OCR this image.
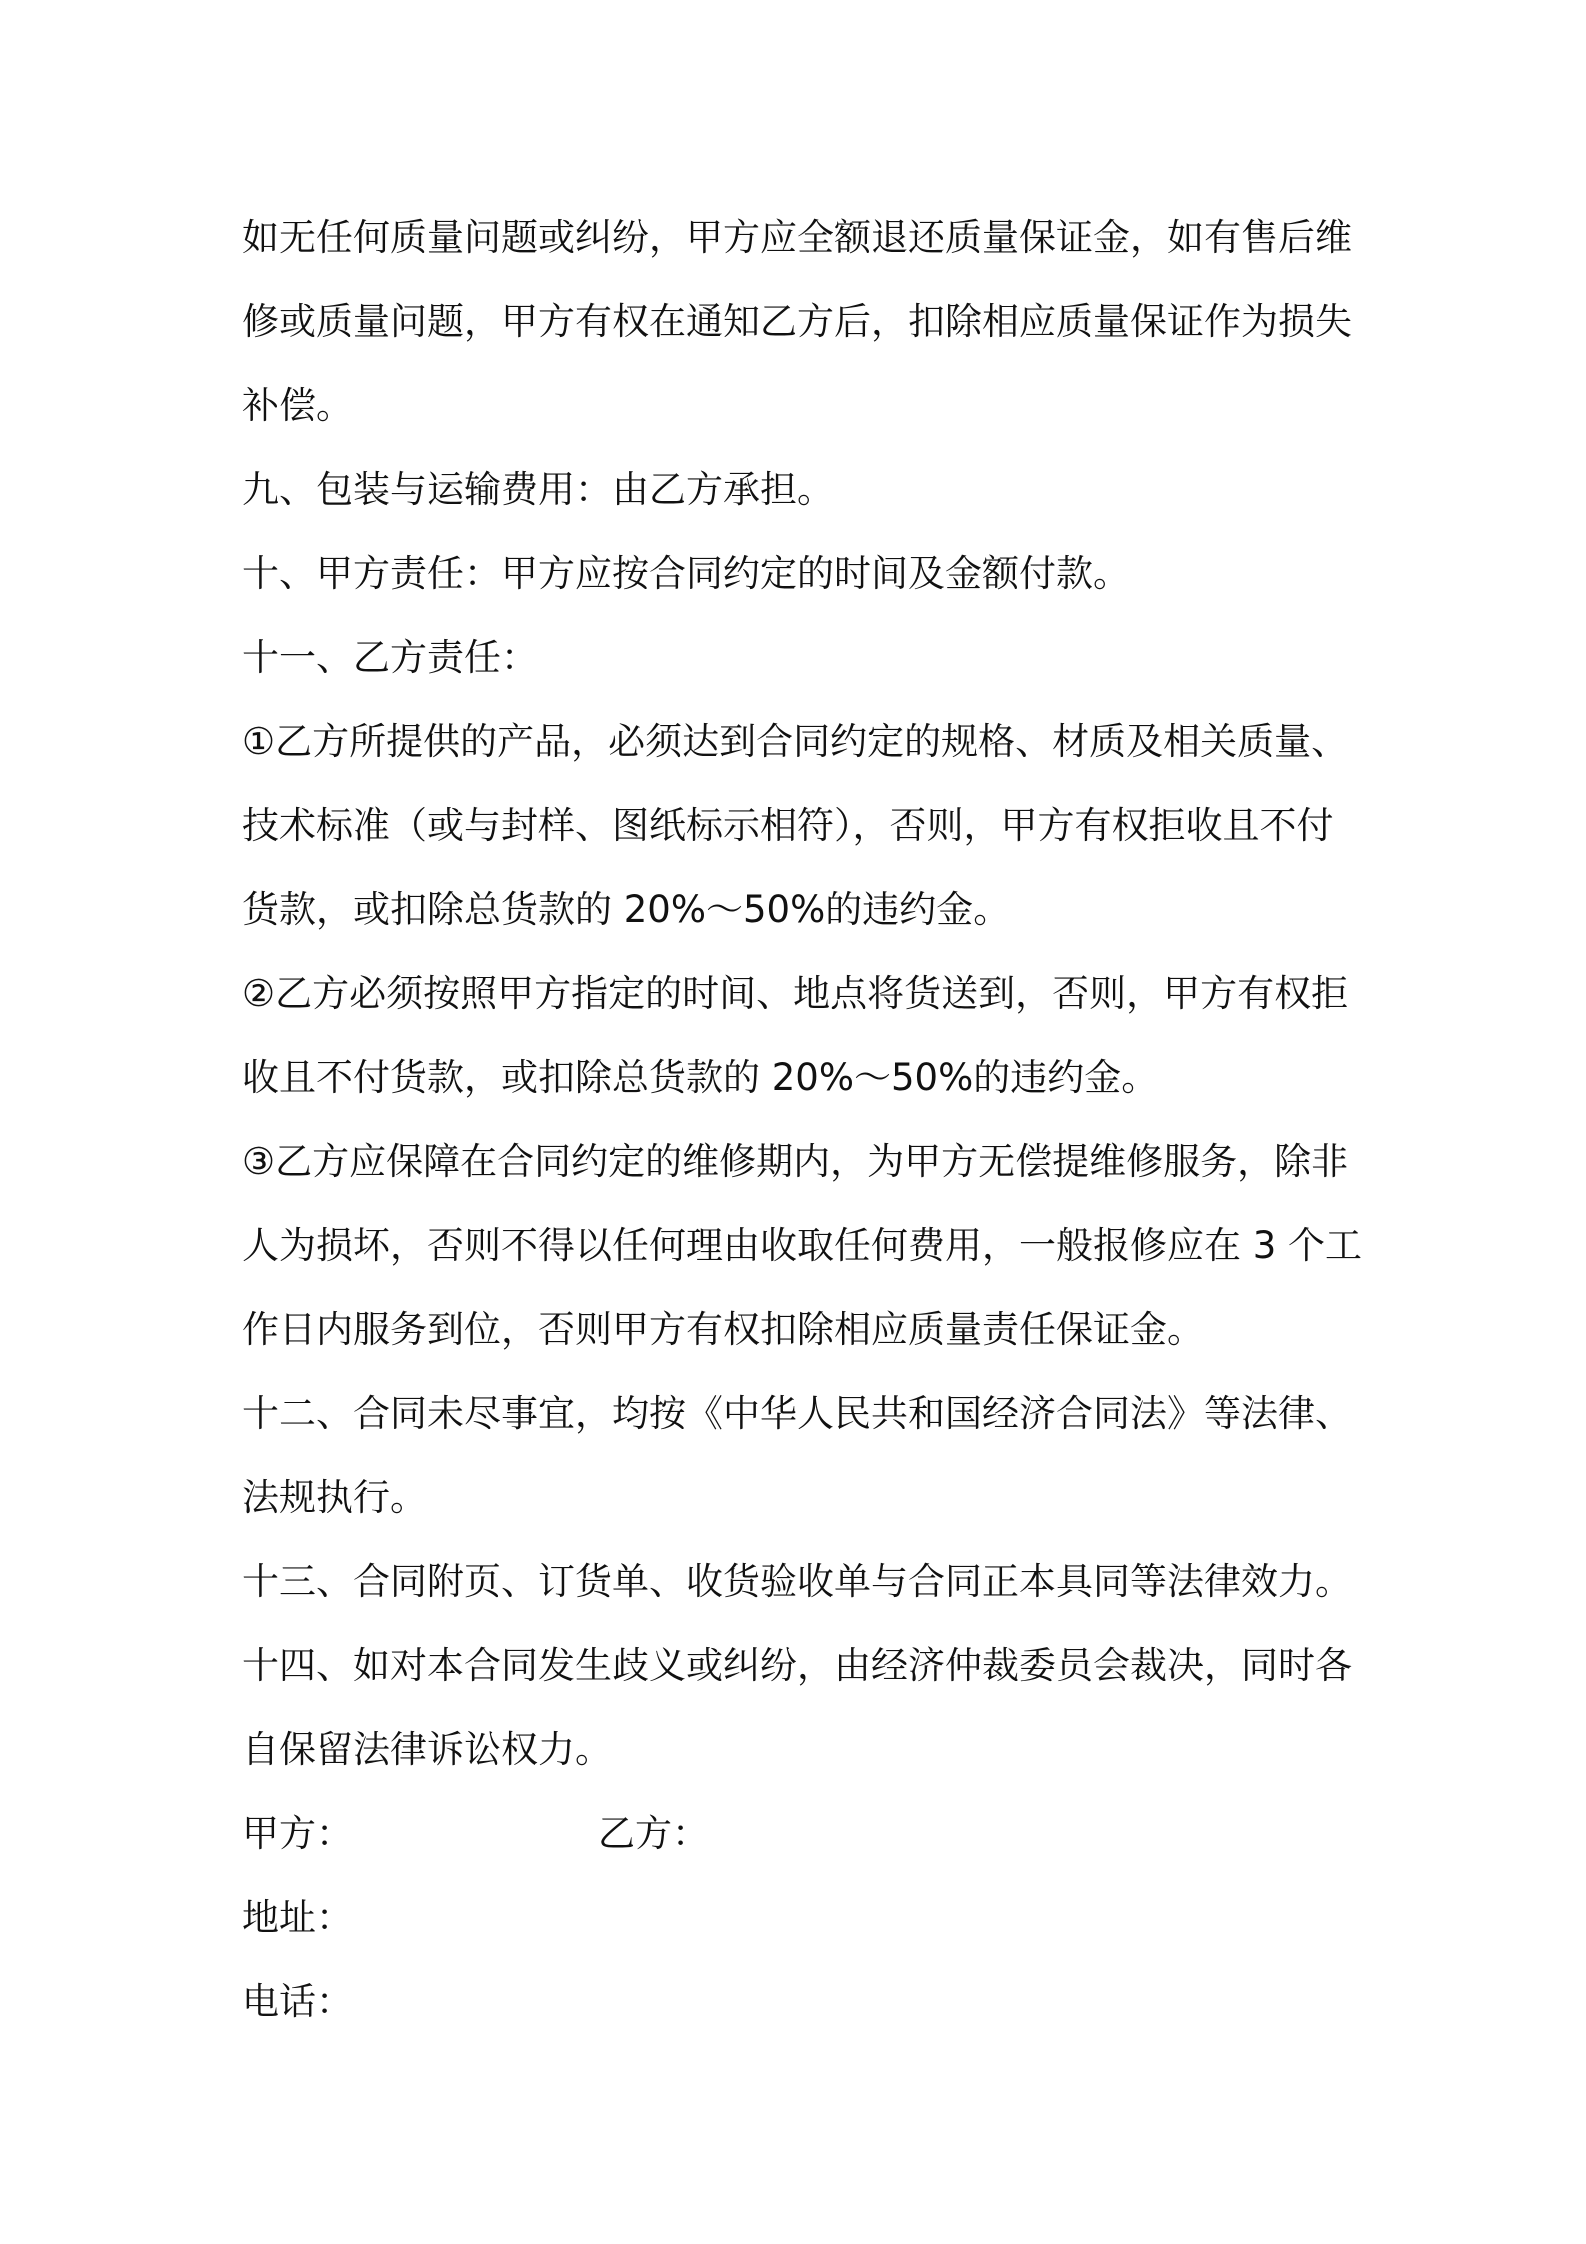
如无任何质量问题或纠纷，甲方应全额退还质量保证金，如有售后维
修或质量问题，甲方有权在通知乙方后，扣除相应质量保证作为损失
补偿。
九、包装与运输费用：由乙方承担。
十、甲方责任：甲方应按合同约定的时间及金额付款。
十一、乙方责任：
①乙方所提供的产品，必须达到合同约定的规格、材质及相关质量、
技术标准（或与封样、图纸标示相符），否则，甲方有权拒收且不付
货款，或扣除总货款的 20%～50%的违约金。
②乙方必须按照甲方指定的时间、地点将货送到，否则，甲方有权拒
收且不付货款，或扣除总货款的 20%～50%的违约金。
③乙方应保障在合同约定的维修期内，为甲方无偿提维修服务，除非
人为损坏，否则不得以任何理由收取任何费用，一般报修应在 3 个工
作日内服务到位，否则甲方有权扣除相应质量责任保证金。
十二、合同未尽事宜，均按《中华人民共和国经济合同法》等法律、
法规执行。
十三、合同附页、订货单、收货验收单与合同正本具同等法律效力。
十四、如对本合同发生歧义或纠纷，由经济仲裁委员会裁决，同时各
自保留法律诉讼权力。
甲方：	乙方：
地址：
电话：
